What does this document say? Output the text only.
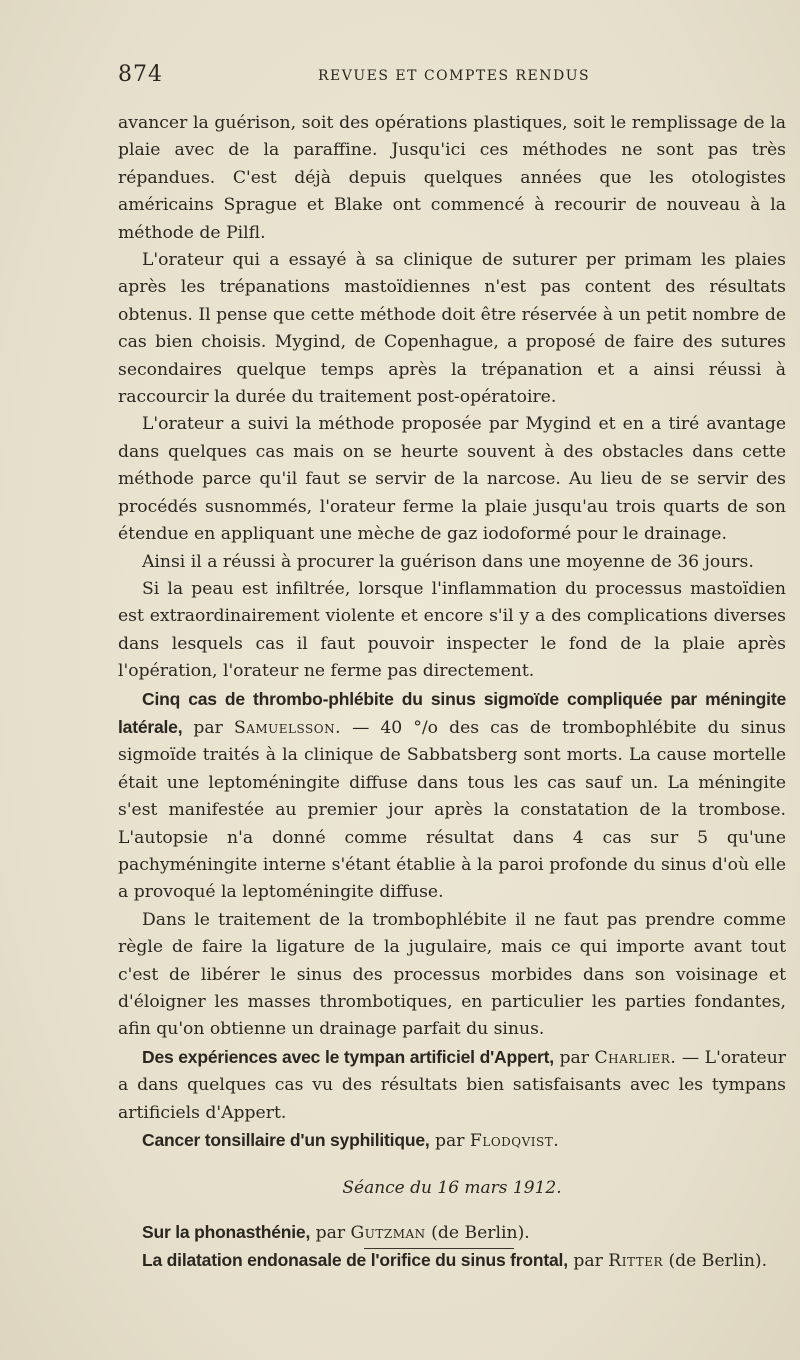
874	REVUES ET COMPTES RENDUS

avancer la guérison, soit des opérations plastiques, soit le remplissage de la plaie avec de la paraffine. Jusqu'ici ces méthodes ne sont pas très répandues. C'est déjà depuis quelques années que les otologistes américains Sprague et Blake ont commencé à recourir de nouveau à la méthode de Pilfl.

L'orateur qui a essayé à sa clinique de suturer per primam les plaies après les trépanations mastoïdiennes n'est pas content des résultats obtenus. Il pense que cette méthode doit être réservée à un petit nombre de cas bien choisis. Mygind, de Copenhague, a proposé de faire des sutures secondaires quelque temps après la trépanation et a ainsi réussi à raccourcir la durée du traitement post-opératoire.

L'orateur a suivi la méthode proposée par Mygind et en a tiré avantage dans quelques cas mais on se heurte souvent à des obstacles dans cette méthode parce qu'il faut se servir de la narcose. Au lieu de se servir des procédés susnommés, l'orateur ferme la plaie jusqu'au trois quarts de son étendue en appliquant une mèche de gaz iodoformé pour le drainage.

Ainsi il a réussi à procurer la guérison dans une moyenne de 36 jours.

Si la peau est infiltrée, lorsque l'inflammation du processus mastoïdien est extraordinairement violente et encore s'il y a des complications diverses dans lesquels cas il faut pouvoir inspecter le fond de la plaie après l'opération, l'orateur ne ferme pas directement.

Cinq cas de thrombo-phlébite du sinus sigmoïde compliquée par méningite latérale, par Samuelsson. — 40 °/o des cas de trombophlébite du sinus sigmoïde traités à la clinique de Sabbatsberg sont morts. La cause mortelle était une leptoméningite diffuse dans tous les cas sauf un. La méningite s'est manifestée au premier jour après la constatation de la trombose. L'autopsie n'a donné comme résultat dans 4 cas sur 5 qu'une pachyméningite interne s'étant établie à la paroi profonde du sinus d'où elle a provoqué la leptoméningite diffuse.

Dans le traitement de la trombophlébite il ne faut pas prendre comme règle de faire la ligature de la jugulaire, mais ce qui importe avant tout c'est de libérer le sinus des processus morbides dans son voisinage et d'éloigner les masses thrombotiques, en particulier les parties fondantes, afin qu'on obtienne un drainage parfait du sinus.

Des expériences avec le tympan artificiel d'Appert, par Charlier. — L'orateur a dans quelques cas vu des résultats bien satisfaisants avec les tympans artificiels d'Appert.

Cancer tonsillaire d'un syphilitique, par Flodqvist.

Séance du 16 mars 1912.

Sur la phonasthénie, par Gutzman (de Berlin).

La dilatation endonasale de l'orifice du sinus frontal, par Ritter (de Berlin).
